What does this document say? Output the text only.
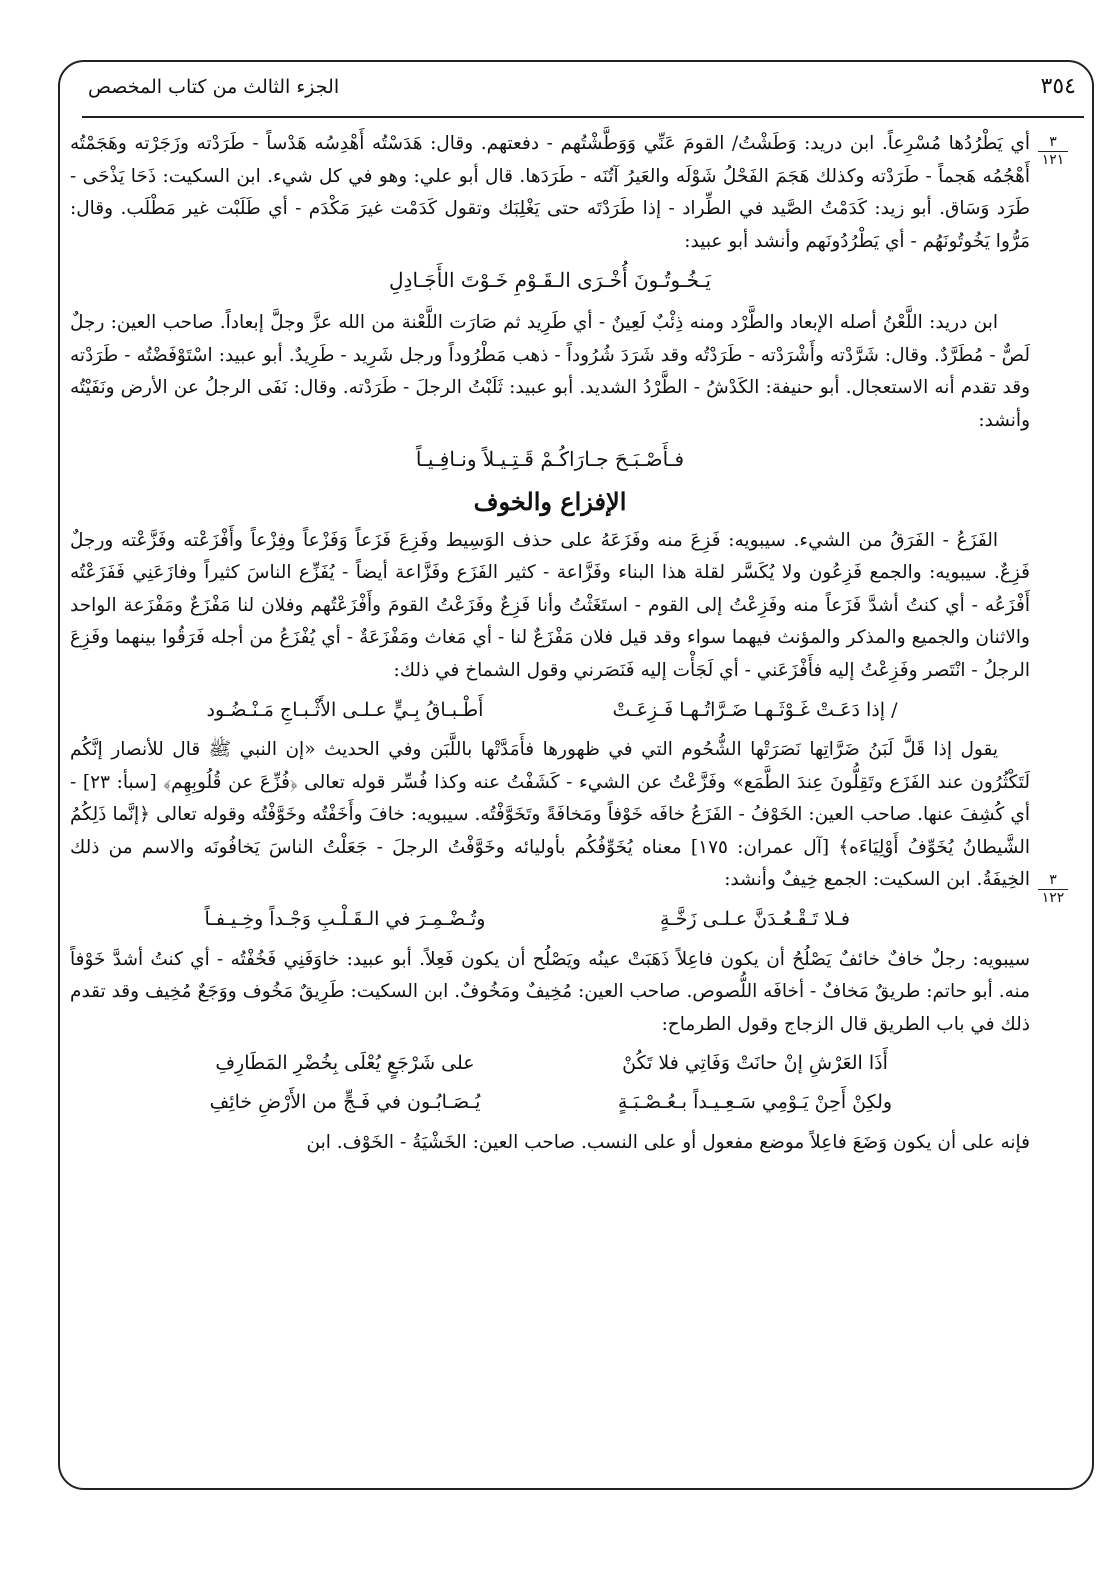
٣٥٤
الجزء الثالث من كتاب المخصص
٣
١٢١
٣
١٢٢

أي يَطْرُدُها مُسْرِعاً. ابن دريد: وَطَشْتُ/ القومَ عَنِّي وَوَطَّشْتُهم - دفعتهم. وقال: هَدَسْتُه أَهْدِسُه هَدْساً - طَرَدْته وزَجَرْته وهَجَمْتُه أَهْجُمُه هَجماً - طَرَدْته وكذلك هَجَمَ الفَحْلُ شَوْلَه والعَيرُ آتُنَه - طَرَدَها. قال أبو علي: وهو في كل شيء. ابن السكيت: ذَحَا يَذْحَى - طَرَد وَسَاق. أبو زيد: كَدَمْتُ الصَّيد في الطِّراد - إذا طَرَدْتَه حتى يَغْلِبَك وتقول كَدَمْت غيرَ مَكْدَم - أي طَلَبْت غير مَطْلَب. وقال: مَرُّوا يَخُوتُونَهُم - أي يَطْرُدُونَهم وأنشد أبو عبيد:

يَـخُـوتُـونَ أُخْـرَى الـقَـوْمِ خَـوْتَ الأَجَـادِلِ

ابن دريد: اللَّعْنُ أصله الإبعاد والطَّرْد ومنه ذِئْبٌ لَعِينٌ - أي طَرِيد ثم صَارَت اللَّعْنة من الله عزَّ وجلَّ إبعاداً. صاحب العين: رجلٌ لَصٌّ - مُطَرَّدٌ. وقال: شَرَّدْته وأَشْرَدْته - طَرَدْتُه وقد شَرَدَ شُرُوداً - ذهب مَطْرُوداً ورجل شَرِيد - طَرِيدٌ. أبو عبيد: اسْتَوْفَضْتُه - طَرَدْته وقد تقدم أنه الاستعجال. أبو حنيفة: الكَدْشُ - الطَّرْدُ الشديد. أبو عبيد: ثَلَبْتُ الرجلَ - طَرَدْته. وقال: نَفَى الرجلُ عن الأرض ونَفَيْتُه وأنشد:

فـأَصْـبَـحَ جـارَاكُـمْ قَـتِـيـلاً ونـافِـيـاً
الإفزاع والخوف

الفَزَعُ - الفَرَقُ من الشيء. سيبويه: فَزِعَ منه وفَزَعَهُ على حذف الوَسِيط وفَزِعَ فَزَعاً وَفَزْعاً وفِزْعاً وأَفْزَعْته وفَزَّعْته ورجلٌ فَزِعٌ. سيبويه: والجمع فَزِعُون ولا يُكَسَّر لقلة هذا البناء وفَزَّاعة - كثير الفَزَع وفَزَّاعة أيضاً - يُفَزِّع الناسَ كثيراً وفازَعَنِي فَفَزَعْتُه أَفْزَعُه - أي كنتُ أشدَّ فَزَعاً منه وفَزِعْتُ إلى القوم - استَغَثْتُ وأنا فَزِعٌ وفَزَعْتُ القومَ وأَفْزَعْتُهم وفلان لنا مَفْزَعٌ ومَفْزَعة الواحد والاثنان والجميع والمذكر والمؤنث فيهما سواء وقد قيل فلان مَفْزَعٌ لنا - أي مَغاث ومَفْزَعَةٌ - أي يُفْزَعُ من أجله فَرَقُوا بينهما وفَزِعَ الرجلُ - انْتَصر وفَزِعْتُ إليه فأَفْزَعَني - أي لَجَأْت إليه فَنَصَرني وقول الشماخ في ذلك:

/ إذا دَعَـتْ غَـوْثَـهـا ضَـرَّاتُـهـا فَـزِعَـتْ
أَطْـبـاقُ بِـيٍّ عـلـى الأَثْـبـاجِ مَـنْـضُـود

يقول إذا قَلَّ لَبَنُ ضَرَّاتِها نَصَرَتْها الشُّحُوم التي في ظهورها فأَمَدَّتْها باللَّبَن وفي الحديث «إن النبي ﷺ قال للأنصار إنَّكُم لَتَكْثُرُون عند الفَزَع وتَقِلُّونَ عِندَ الطَّمَع» وفَزَّعْتُ عن الشيء - كَشَفْتُ عنه وكذا فُسِّر قوله تعالى ﴿فُزِّعَ عن قُلُوبِهِم﴾ [سبأ: ٢٣] - أي كُشِفَ عنها. صاحب العين: الخَوْفُ - الفَزَعُ خافَه خَوْفاً ومَخافَةً وتَخَوَّفْتُه. سيبويه: خافَ وأَخَفْتُه وخَوَّفْتُه وقوله تعالى ﴿إنَّما ذَلِكُمُ الشَّيطانُ يُخَوِّفُ أَوْلِيَاءَه﴾ [آل عمران: ١٧٥] معناه يُخَوِّفُكُم بأوليائه وخَوَّفْتُ الرجلَ - جَعَلْتُ الناسَ يَخافُونَه والاسم من ذلك الخِيفَةُ. ابن السكيت: الجمع خِيفٌ وأنشد:

فـلا تَـقْـعُـدَنَّ عـلـى زَخَّـةٍ
وتُـضْـمِـرَ في الـقَـلْـبِ وَجْـداً وخِـيـفـاً

سيبويه: رجلٌ خافٌ خائفٌ يَصْلُحُ أن يكون فاعِلاً ذَهَبَتْ عينُه ويَصْلُح أن يكون فَعِلاً. أبو عبيد: خاوَفَنِي فَخُفْتُه - أي كنتُ أشدَّ خَوْفاً منه. أبو حاتم: طريقٌ مَخافٌ - أخافَه اللُّصوص. صاحب العين: مُخِيفٌ ومَخُوفٌ. ابن السكيت: طَرِيقٌ مَخُوف ووَجَعٌ مُخِيف وقد تقدم ذلك في باب الطريق قال الزجاج وقول الطرماح:

أَذَا العَرْشِ إنْ حانَتْ وَفَاتِي فلا تَكُنْ
على شَرْجَعٍ يُعْلَى بِخُضْرِ المَطَارِفِ
ولكِنْ أَحِنْ يَـوْمِي سَـعِـيـداً بـعُـصْـبَـةٍ
يُـصَـابُـون في فَـجٍّ من الأَرْضِ خائِفِ

فإنه على أن يكون وَضَعَ فاعِلاً موضع مفعول أو على النسب. صاحب العين: الخَشْيَةُ - الخَوْف. ابن
